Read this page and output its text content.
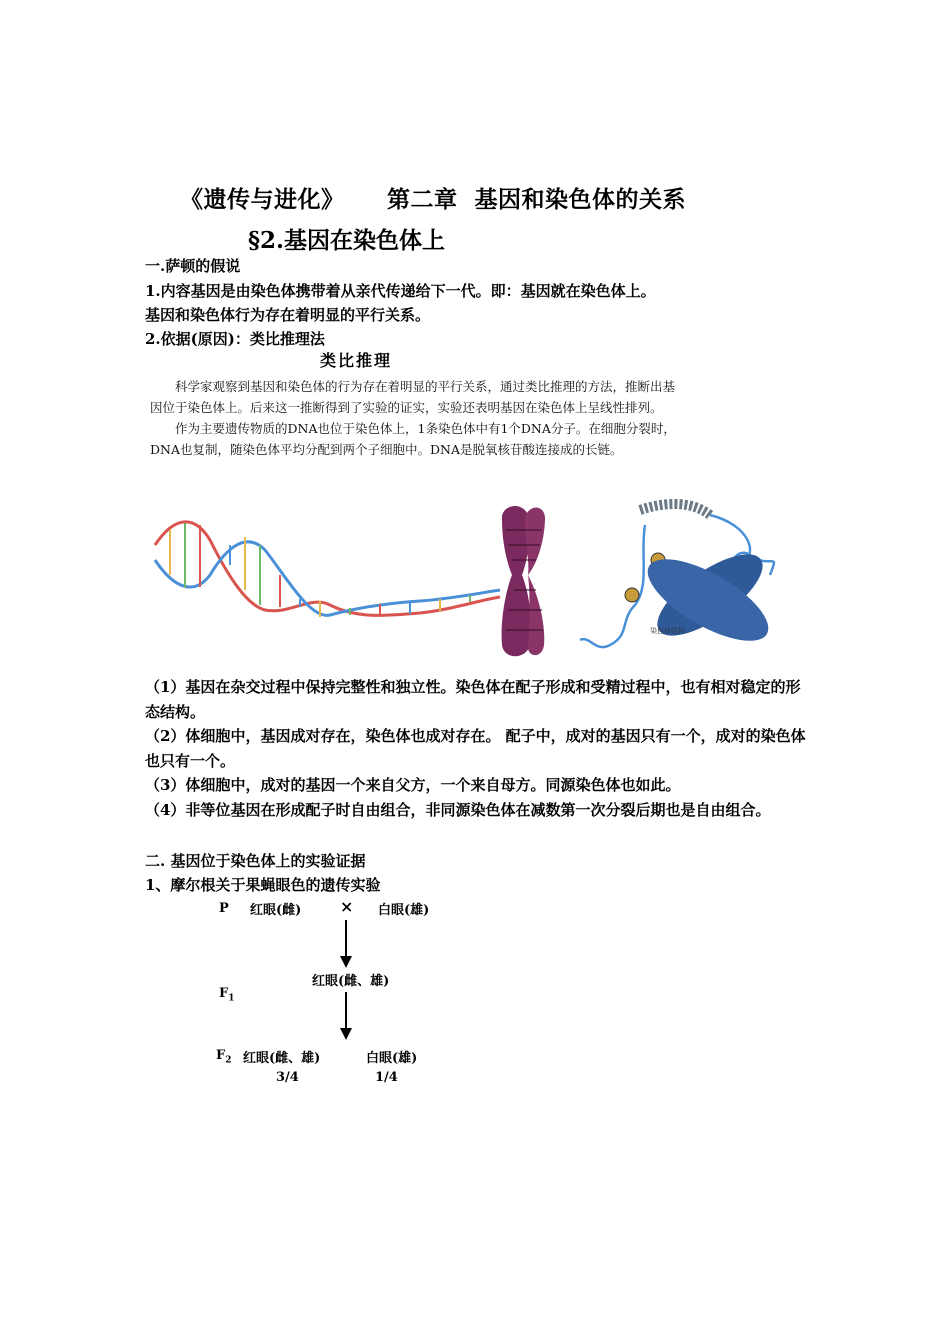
《遗传与进化》     第二章  基因和染色体的关系
§2.基因在染色体上
一.萨顿的假说
1.内容基因是由染色体携带着从亲代传递给下一代。即：基因就在染色体上。
基因和染色体行为存在着明显的平行关系。
2.依据(原因)：类比推理法
类比推理

科学家观察到基因和染色体的行为存在着明显的平行关系，通过类比推理的方法，推断出基因位于染色体上。后来这一推断得到了实验的证实，实验还表明基因在染色体上呈线性排列。

作为主要遗传物质的DNA也位于染色体上，1条染色体中有1个DNA分子。在细胞分裂时，DNA也复制，随染色体平均分配到两个子细胞中。DNA是脱氧核苷酸连接成的长链。

染色体结构
（1）基因在杂交过程中保持完整性和独立性。染色体在配子形成和受精过程中，也有相对稳定的形态结构。
（2）体细胞中，基因成对存在，染色体也成对存在。 配子中，成对的基因只有一个，成对的染色体也只有一个。
（3）体细胞中，成对的基因一个来自父方，一个来自母方。同源染色体也如此。
（4）非等位基因在形成配子时自由组合，非同源染色体在减数第一次分裂后期也是自由组合。
二. 基因位于染色体上的实验证据
1、摩尔根关于果蝇眼色的遗传实验
P 红眼(雌) × 白眼(雄)
红眼(雌、雄)
$F_1$
$F_2$ 红眼(雌、雄)	白眼(雄)
3/4	1/4
